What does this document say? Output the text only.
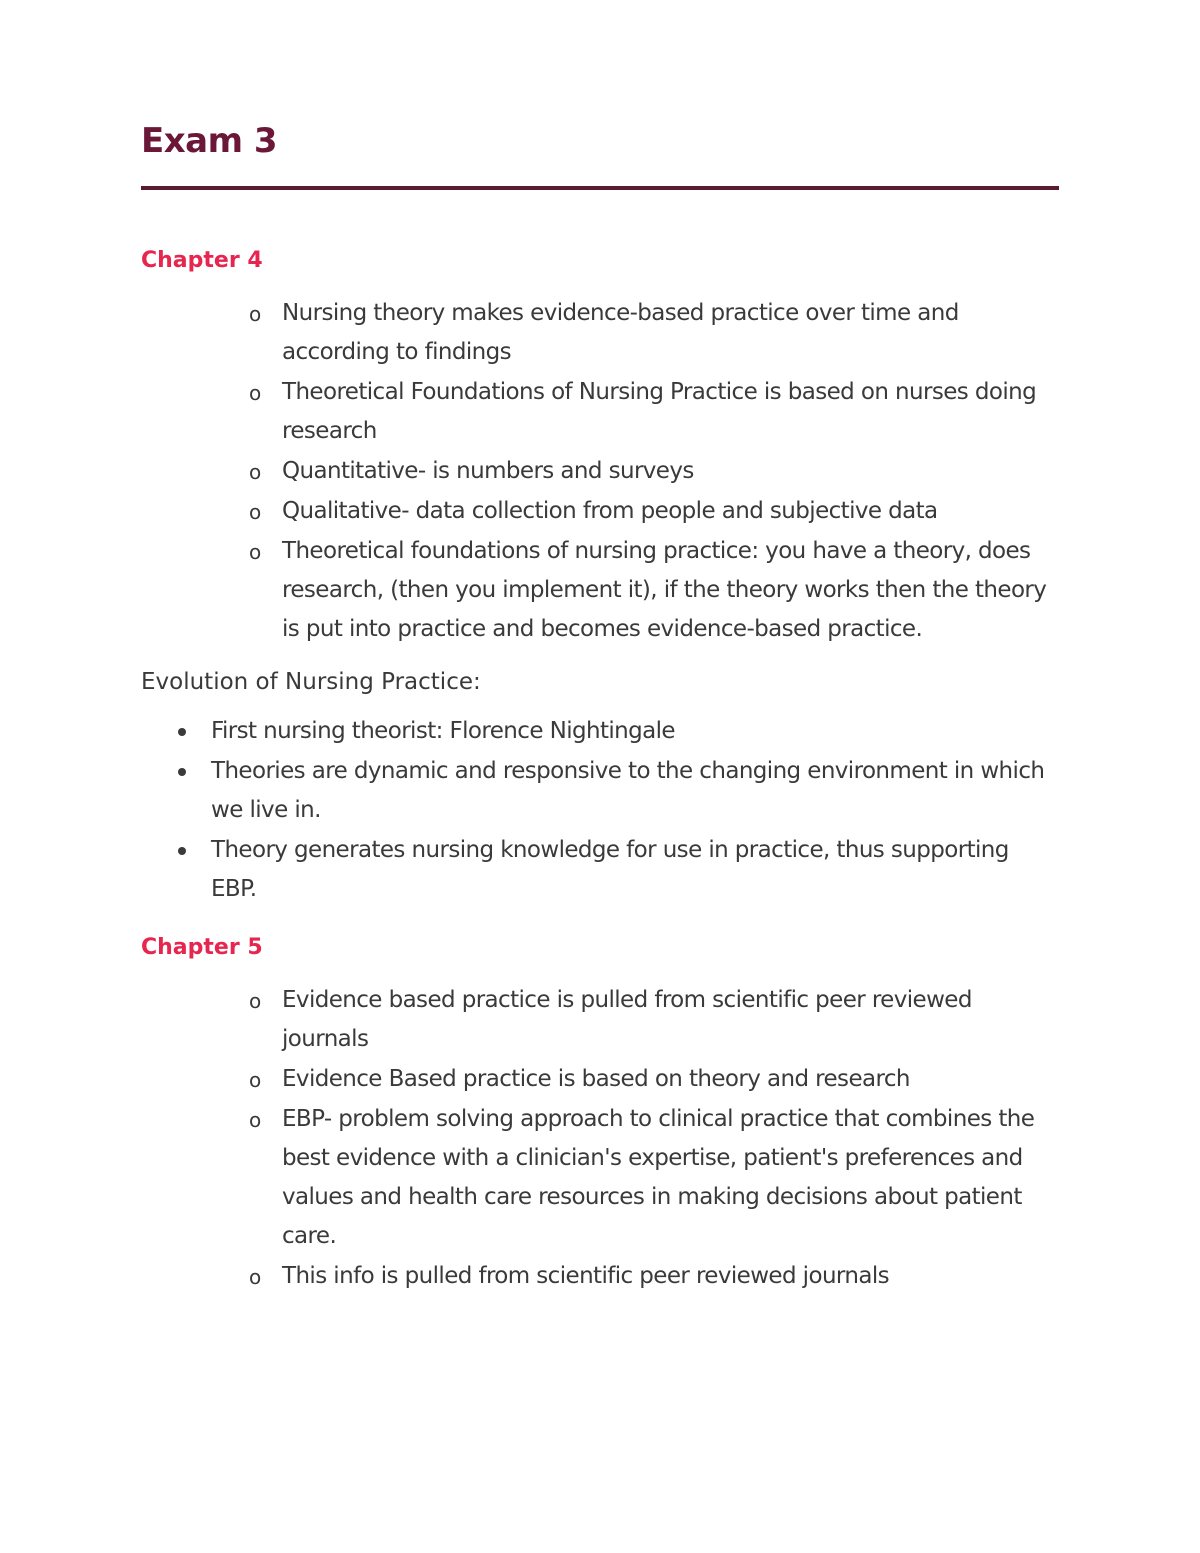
Exam 3
Chapter 4
o Nursing theory makes evidence-based practice over time and according to findings
o Theoretical Foundations of Nursing Practice is based on nurses doing research
o Quantitative- is numbers and surveys
o Qualitative- data collection from people and subjective data
o Theoretical foundations of nursing practice: you have a theory, does research, (then you implement it), if the theory works then the theory is put into practice and becomes evidence-based practice.
Evolution of Nursing Practice:
First nursing theorist: Florence Nightingale
Theories are dynamic and responsive to the changing environment in which we live in.
Theory generates nursing knowledge for use in practice, thus supporting EBP.
Chapter 5
o Evidence based practice is pulled from scientific peer reviewed journals
o Evidence Based practice is based on theory and research
o EBP- problem solving approach to clinical practice that combines the best evidence with a clinician's expertise, patient's preferences and values and health care resources in making decisions about patient care.
o This info is pulled from scientific peer reviewed journals
